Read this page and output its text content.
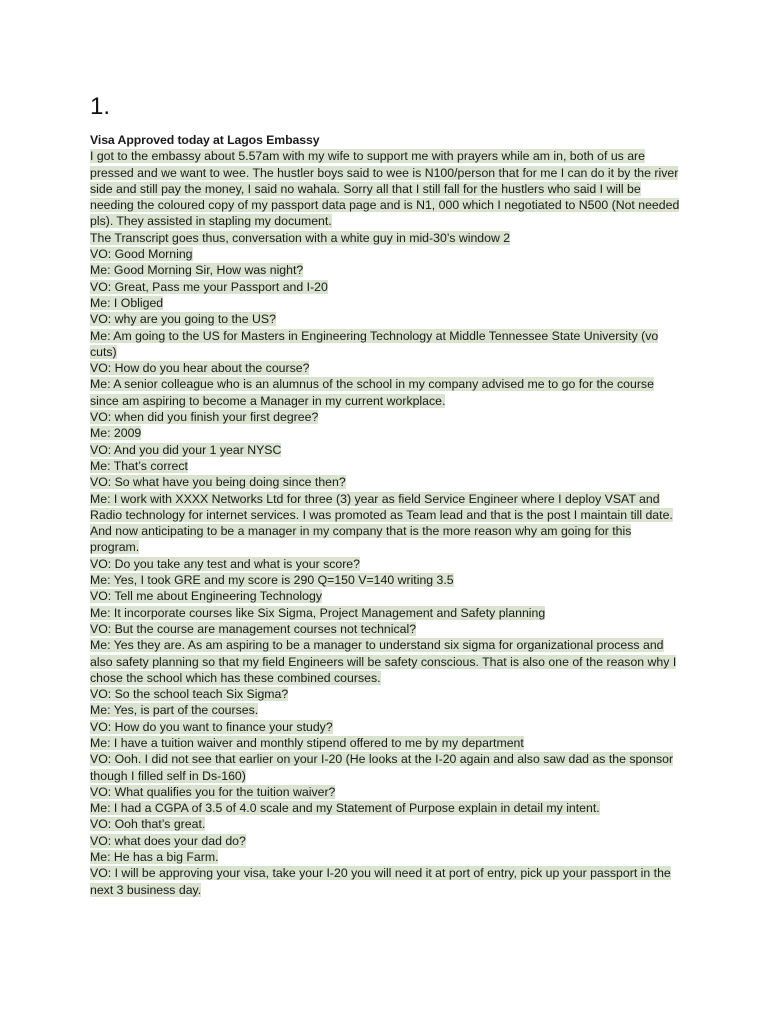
1.
Visa Approved today at Lagos Embassy
I got to the embassy about 5.57am with my wife to support me with prayers while am in, both of us are pressed and we want to wee. The hustler boys said to wee is N100/person that for me I can do it by the river side and still pay the money, I said no wahala. Sorry all that I still fall for the hustlers who said I will be needing the coloured copy of my passport data page and is N1, 000 which I negotiated to N500 (Not needed pls). They assisted in stapling my document.
The Transcript goes thus, conversation with a white guy in mid-30’s window 2
VO: Good Morning
Me: Good Morning Sir, How was night?
VO: Great, Pass me your Passport and I-20
Me: I Obliged
VO: why are you going to the US?
Me: Am going to the US for Masters in Engineering Technology at Middle Tennessee State University (vo cuts)
VO: How do you hear about the course?
Me: A senior colleague who is an alumnus of the school in my company advised me to go for the course since am aspiring to become a Manager in my current workplace.
VO: when did you finish your first degree?
Me: 2009
VO: And you did your 1 year NYSC
Me: That’s correct
VO: So what have you being doing since then?
Me: I work with XXXX Networks Ltd for three (3) year as field Service Engineer where I deploy VSAT and Radio technology for internet services. I was promoted as Team lead and that is the post I maintain till date. And now anticipating to be a manager in my company that is the more reason why am going for this program.
VO: Do you take any test and what is your score?
Me: Yes, I took GRE and my score is 290 Q=150 V=140 writing 3.5
VO: Tell me about Engineering Technology
Me: It incorporate courses like Six Sigma, Project Management and Safety planning
VO: But the course are management courses not technical?
Me: Yes they are. As am aspiring to be a manager to understand six sigma for organizational process and also safety planning so that my field Engineers will be safety conscious. That is also one of the reason why I chose the school which has these combined courses.
VO: So the school teach Six Sigma?
Me: Yes, is part of the courses.
VO: How do you want to finance your study?
Me: I have a tuition waiver and monthly stipend offered to me by my department
VO: Ooh. I did not see that earlier on your I-20 (He looks at the I-20 again and also saw dad as the sponsor though I filled self in Ds-160)
VO: What qualifies you for the tuition waiver?
Me: I had a CGPA of 3.5 of 4.0 scale and my Statement of Purpose explain in detail my intent.
VO: Ooh that’s great.
VO: what does your dad do?
Me: He has a big Farm.
VO: I will be approving your visa, take your I-20 you will need it at port of entry, pick up your passport in the next 3 business day.
